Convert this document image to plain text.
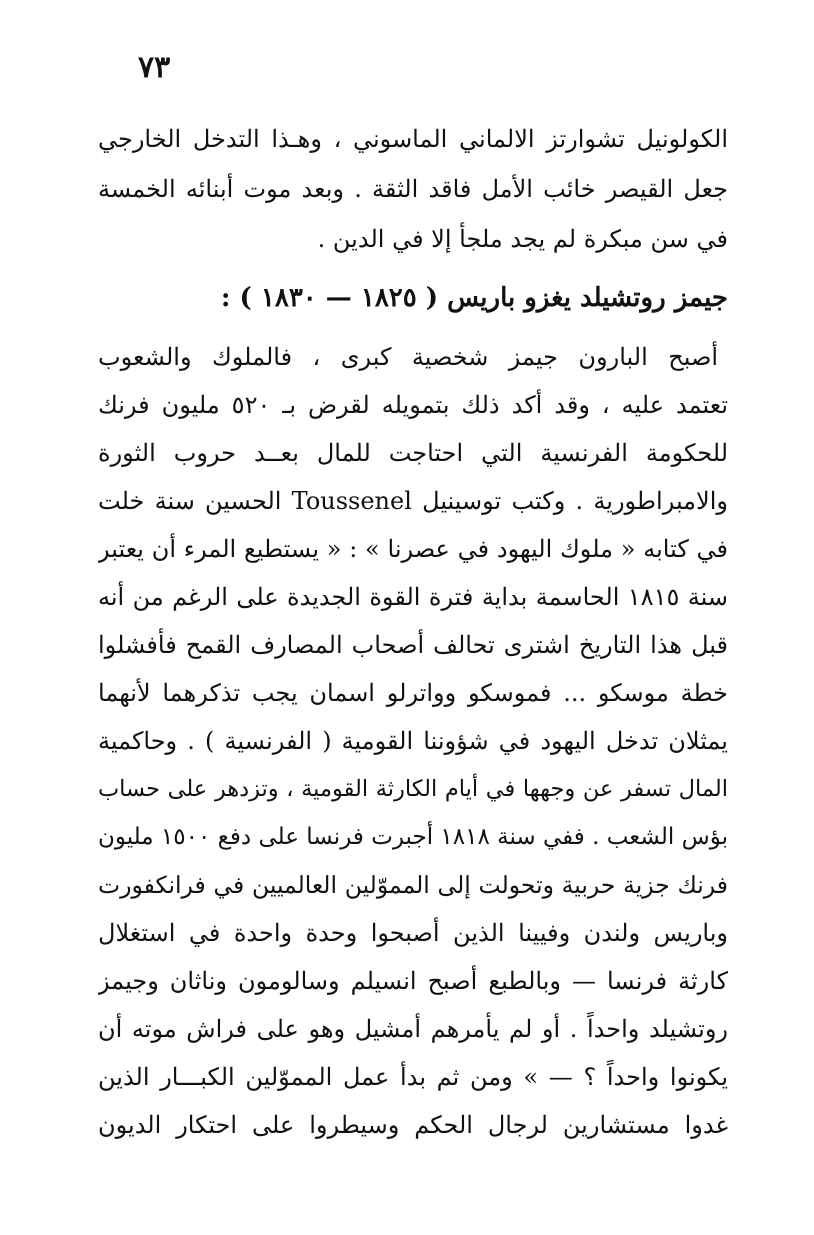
٧٣
الكولونيل تشوارتز الالماني الماسوني ، وهـذا التدخل الخارجي
جعل القيصر خائب الأمل فاقد الثقة . وبعد موت أبنائه الخمسة
في سن مبكرة لم يجد ملجأ إلا في الدين .
جيمز روتشيلد يغزو باريس ( ١٨٢٥ — ١٨٣٠ ) :
أصبح البارون جيمز شخصية كبرى ، فالملوك والشعوب
تعتمد عليه ، وقد أكد ذلك بتمويله لقرض بـ ٥٢٠ مليون فرنك
للحكومة الفرنسية التي احتاجت للمال بعــد حروب الثورة
والامبراطورية . وكتب توسينيل Toussenel الحسين سنة خلت
في كتابه « ملوك اليهود في عصرنا » : « يستطيع المرء أن يعتبر
سنة ١٨١٥ الحاسمة بداية فترة القوة الجديدة على الرغم من أنه
قبل هذا التاريخ اشترى تحالف أصحاب المصارف القمح فأفشلوا
خطة موسكو ... فموسكو وواترلو اسمان يجب تذكرهما لأنهما
يمثلان تدخل اليهود في شؤوننا القومية ( الفرنسية ) . وحاكمية
المال تسفر عن وجهها في أيام الكارثة القومية ، وتزدهر على حساب
بؤس الشعب . ففي سنة ١٨١٨ أجبرت فرنسا على دفع ١٥٠٠ مليون
فرنك جزية حربية وتحولت إلى المموّلين العالميين في فرانكفورت
وباريس ولندن وفيينا الذين أصبحوا وحدة واحدة في استغلال
كارثة فرنسا — وبالطبع أصبح انسيلم وسالومون وناثان وجيمز
روتشيلد واحداً . أو لم يأمرهم أمشيل وهو على فراش موته أن
يكونوا واحداً ؟ — » ومن ثم بدأ عمل المموّلين الكبـــار الذين
غدوا مستشارين لرجال الحكم وسيطروا على احتكار الديون
